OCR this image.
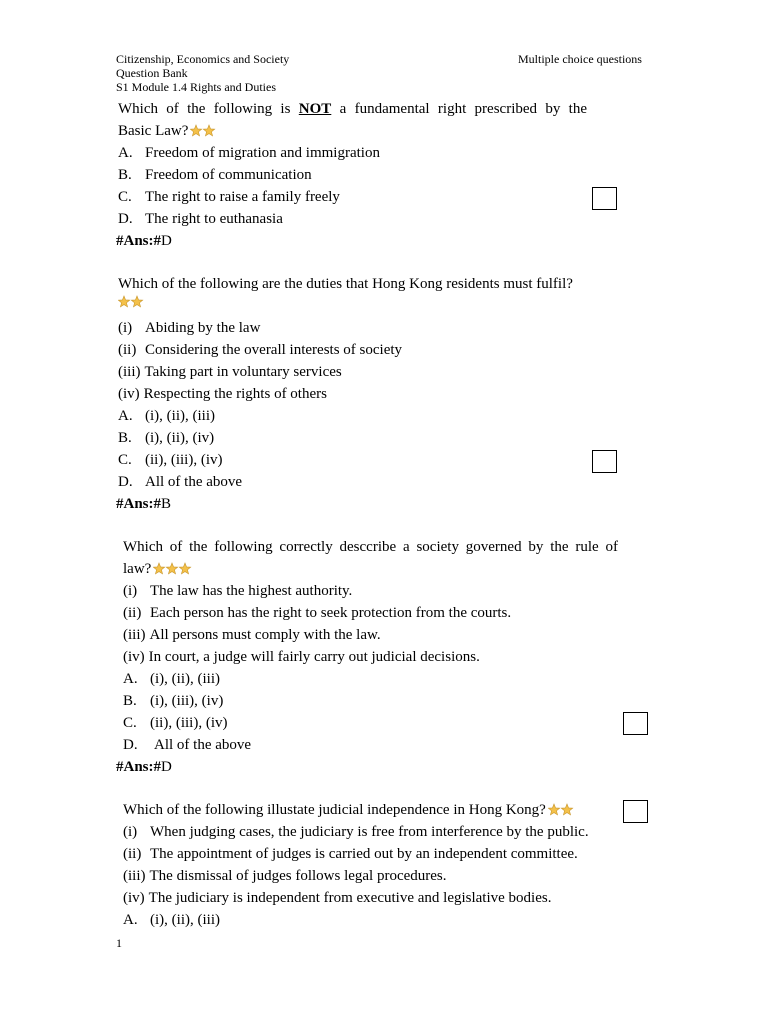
Citizenship, Economics and Society
Question Bank
S1 Module 1.4 Rights and Duties
Multiple choice questions
Which of the following is NOT a fundamental right prescribed by the
Basic Law?
A. Freedom of migration and immigration
B. Freedom of communication
C. The right to raise a family freely
D. The right to euthanasia
#Ans:#D
Which of the following are the duties that Hong Kong residents must fulfil?
(i) Abiding by the law
(ii) Considering the overall interests of society
(iii) Taking part in voluntary services
(iv) Respecting the rights of others
A. (i), (ii), (iii)
B. (i), (ii), (iv)
C. (ii), (iii), (iv)
D. All of the above
#Ans:#B
Which of the following correctly desccribe a society governed by the rule of
law?
(i) The law has the highest authority.
(ii) Each person has the right to seek protection from the courts.
(iii) All persons must comply with the law.
(iv) In court, a judge will fairly carry out judicial decisions.
A. (i), (ii), (iii)
B. (i), (iii), (iv)
C. (ii), (iii), (iv)
D. All of the above
#Ans:#D
Which of the following illustate judicial independence in Hong Kong?
(i) When judging cases, the judiciary is free from interference by the public.
(ii) The appointment of judges is carried out by an independent committee.
(iii) The dismissal of judges follows legal procedures.
(iv) The judiciary is independent from executive and legislative bodies.
A. (i), (ii), (iii)
1
